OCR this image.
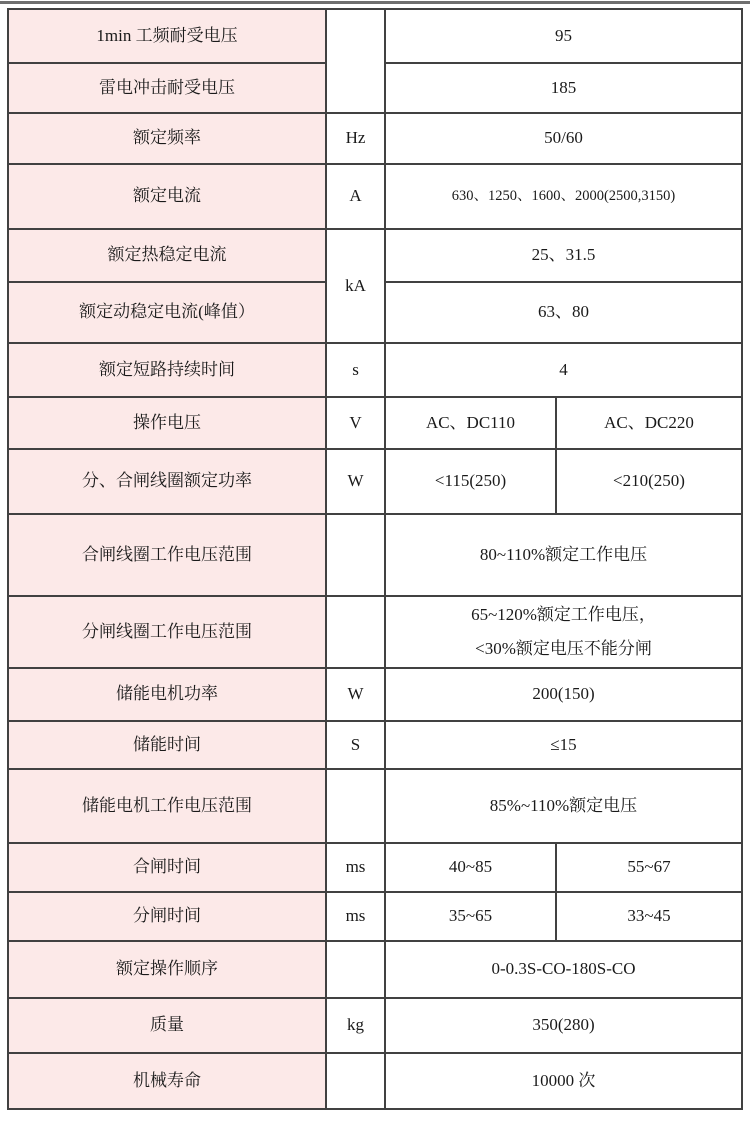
1min 工频耐受电压		95	
雷电冲击耐受电压		185	
额定频率	Hz	50/60	
额定电流	A	630、1250、1600、2000(2500,3150)	
额定热稳定电流	kA	25、31.5	
额定动稳定电流(峰值）		63、80	
额定短路持续时间	s	4	
操作电压	V	AC、DC110	AC、DC220
分、合闸线圈额定功率	W	<115(250)	<210(250)
合闸线圈工作电压范围		80~110%额定工作电压	
分闸线圈工作电压范围		65~120%额定工作电压，
<30%额定电压不能分闸	

储能电机功率	W	200(150)	
储能时间	S	≤15	
储能电机工作电压范围		85%~110%额定电压	
合闸时间	ms	40~85	55~67
分闸时间	ms	35~65	33~45
额定操作顺序		0-0.3S-CO-180S-CO	
质量	kg	350(280)	
机械寿命		10000 次	
